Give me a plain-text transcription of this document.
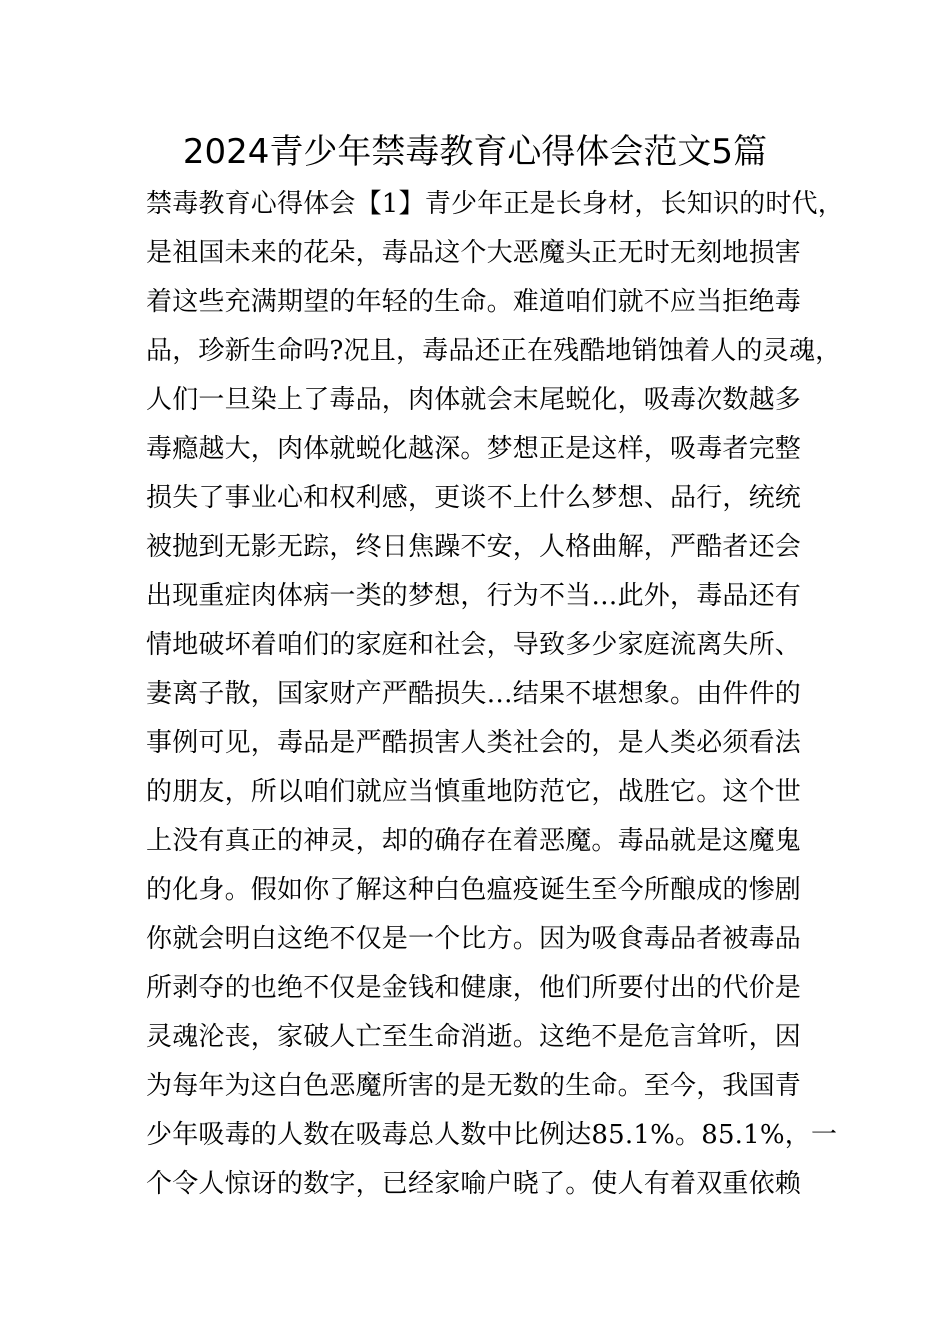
2024青少年禁毒教育心得体会范文5篇
禁毒教育心得体会【1】青少年正是长身材，长知识的时代，
是祖国未来的花朵，毒品这个大恶魔头正无时无刻地损害
着这些充满期望的年轻的生命。难道咱们就不应当拒绝毒
品，珍新生命吗?况且，毒品还正在残酷地销蚀着人的灵魂，
人们一旦染上了毒品，肉体就会末尾蜕化，吸毒次数越多
毒瘾越大，肉体就蜕化越深。梦想正是这样，吸毒者完整
损失了事业心和权利感，更谈不上什么梦想、品行，统统
被抛到无影无踪，终日焦躁不安，人格曲解，严酷者还会
出现重症肉体病一类的梦想，行为不当…此外，毒品还有
情地破坏着咱们的家庭和社会，导致多少家庭流离失所、
妻离子散，国家财产严酷损失…结果不堪想象。由件件的
事例可见，毒品是严酷损害人类社会的，是人类必须看法
的朋友，所以咱们就应当慎重地防范它，战胜它。这个世
上没有真正的神灵，却的确存在着恶魔。毒品就是这魔鬼
的化身。假如你了解这种白色瘟疫诞生至今所酿成的惨剧
你就会明白这绝不仅是一个比方。因为吸食毒品者被毒品
所剥夺的也绝不仅是金钱和健康，他们所要付出的代价是
灵魂沦丧，家破人亡至生命消逝。这绝不是危言耸听，因
为每年为这白色恶魔所害的是无数的生命。至今，我国青
少年吸毒的人数在吸毒总人数中比例达85.1%。85.1%，一
个令人惊讶的数字，已经家喻户晓了。使人有着双重依赖
